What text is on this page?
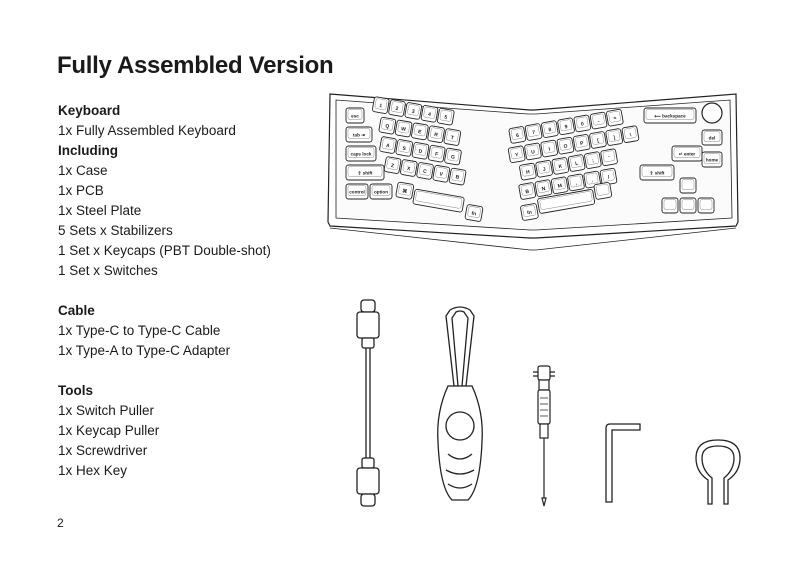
Fully Assembled Version
Keyboard
1x Fully Assembled Keyboard
Including
1x Case
1x PCB
1x Steel Plate
5 Sets x Stabilizers
1 Set x Keycaps (PBT Double-shot)
1 Set x Switches
Cable
1x Type-C to Type-C Cable
1x Type-A to Type-C Adapter
Tools
1x Switch Puller
1x Keycap Puller
1x Screwdriver
1x Hex Key
2
esc
tab ⇥
caps lock
⇧ shift
control option
1 2 3 4 5
Q W E R T
A S D F G
Z X C V B
⌘
fn
6 7 8 9 0	-	=
Y U	I	O P	[	]	\
H J K L	;	'
B N M ,	.	/
fn
⟵ backspace
↵ enter
⇧ shift
del
home
